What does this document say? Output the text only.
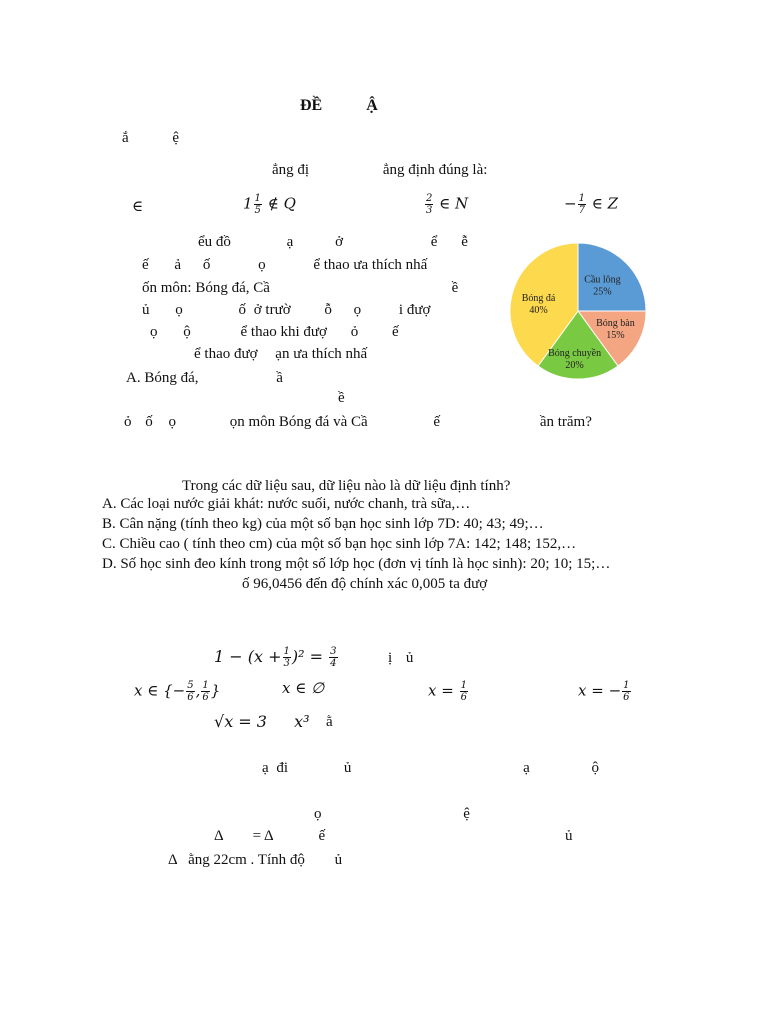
ĐỀ	Ậ
ắ	ệ
ẳng đị	ẳng định đúng là:
∈	$1 \frac{1}{5}$ ∉ Q	$\frac{2}{3}$ ∈ N	− $\frac{1}{7}$ ∈ Z
ểu đồ	ạ	ở	ể ễ
ế ả ố	ọ	ể thao ưa thích nhấ
ốn môn: Bóng đá, Cầ	ề
ủ ọ	ố ở trườ ỗ ọ	i đượ
ọ ộ	ể thao khi đượ ỏ ế
ể thao đượ ạn ưa thích nhấ
A. Bóng đá,	ầ
ề
ỏ ố ọ	ọn môn Bóng đá và Cầ	ế	ần trăm?
Cầu lông
25%
Bóng bàn
15%
Bóng chuyền
20%
Bóng đá
40%
Trong các dữ liệu sau, dữ liệu nào là dữ liệu định tính?
A. Các loại nước giải khát: nước suối, nước chanh, trà sữa,…
B. Cân nặng (tính theo kg) của một số bạn học sinh lớp 7D: 40; 43; 49;…
C. Chiều cao ( tính theo cm) của một số bạn học sinh lớp 7A: 142; 148; 152,…
D. Số học sinh đeo kính trong một số lớp học (đơn vị tính là học sinh): 20; 10; 15;…
ố 96,0456 đến độ chính xác 0,005 ta đượ
$1 - (x + \frac{1}{3} )^2 = \frac{3}{4}$	ị ủ
x ∈ {− $\frac{5}{6}$ , $\frac{1}{6}$ }	x ∈ ∅	$x = \frac{1}{6}$	x = − $\frac{1}{6}$
√x = 3 x³ ằ
ạ đi	ủ	ạ	ộ
ọ	ệ
Δ = Δ	ế	ủ
Δ   ằng 22cm . Tính độ ủ
